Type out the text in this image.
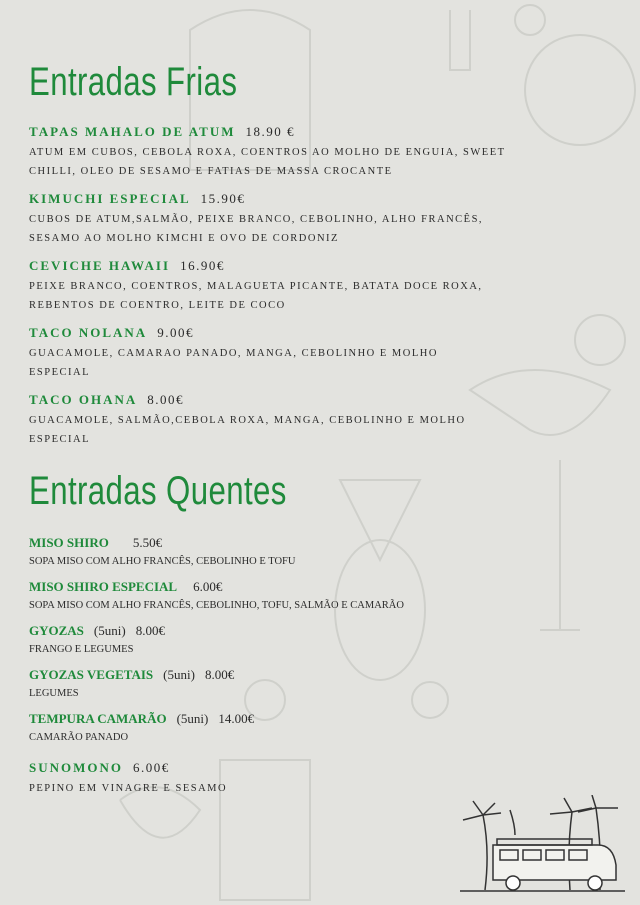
Entradas Frias
TAPAS MAHALO DE ATUM 18.90 €
ATUM EM CUBOS, CEBOLA ROXA, COENTROS AO MOLHO DE ENGUIA, SWEET CHILLI, OLEO DE SESAMO E FATIAS DE MASSA CROCANTE
KIMUCHI ESPECIAL 15.90€
CUBOS DE ATUM,SALMÃO, PEIXE BRANCO, CEBOLINHO, ALHO FRANCÊS, SESAMO AO MOLHO KIMCHI E OVO DE CORDONIZ
CEVICHE HAWAII 16.90€
PEIXE BRANCO, COENTROS, MALAGUETA PICANTE, BATATA DOCE ROXA, REBENTOS DE COENTRO, LEITE DE COCO
TACO NOLANA 9.00€
GUACAMOLE, CAMARAO PANADO, MANGA, CEBOLINHO E MOLHO ESPECIAL
TACO OHANA 8.00€
GUACAMOLE, SALMÃO,CEBOLA ROXA, MANGA, CEBOLINHO E MOLHO ESPECIAL
Entradas Quentes
MISO SHIRO 5.50€
SOPA MISO COM ALHO FRANCÊS, CEBOLINHO E TOFU
MISO SHIRO ESPECIAL 6.00€
SOPA MISO COM ALHO FRANCÊS, CEBOLINHO, TOFU, SALMÃO E CAMARÃO
GYOZAS (5uni) 8.00€
FRANGO E LEGUMES
GYOZAS VEGETAIS (5uni) 8.00€
LEGUMES
TEMPURA CAMARÃO (5uni) 14.00€
CAMARÃO PANADO
SUNOMONO 6.00€
PEPINO EM VINAGRE E SESAMO
